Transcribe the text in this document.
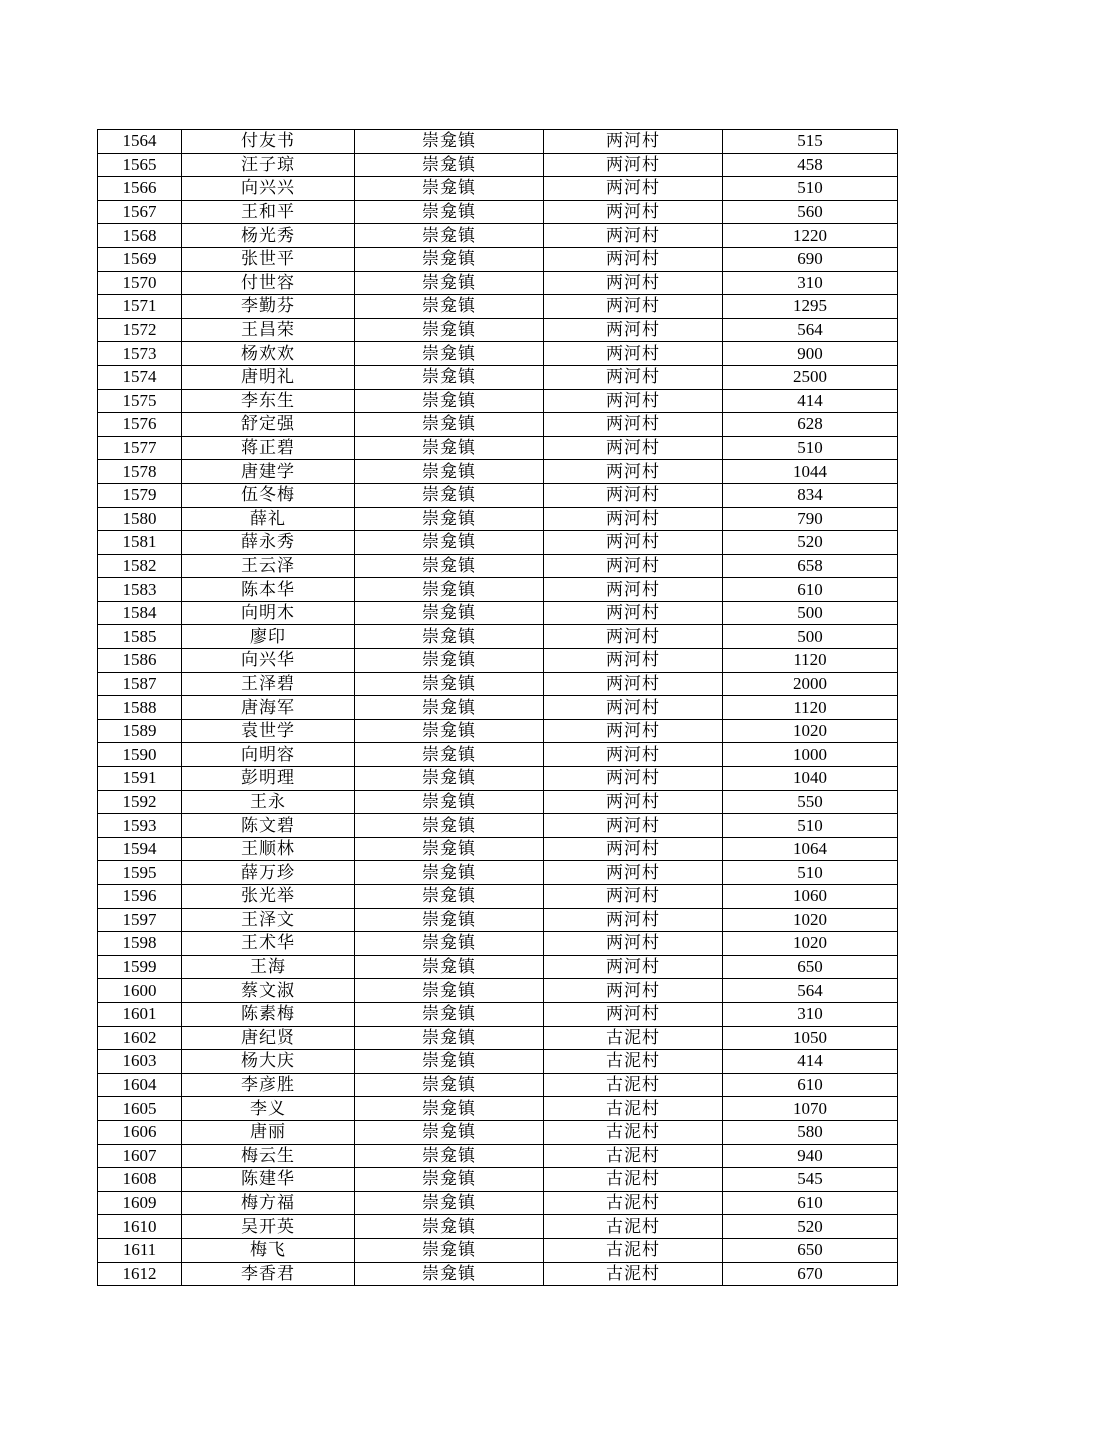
1564	付友书	崇龛镇	两河村	515
1565	汪子琼	崇龛镇	两河村	458
1566	向兴兴	崇龛镇	两河村	510
1567	王和平	崇龛镇	两河村	560
1568	杨光秀	崇龛镇	两河村	1220
1569	张世平	崇龛镇	两河村	690
1570	付世容	崇龛镇	两河村	310
1571	李勤芬	崇龛镇	两河村	1295
1572	王昌荣	崇龛镇	两河村	564
1573	杨欢欢	崇龛镇	两河村	900
1574	唐明礼	崇龛镇	两河村	2500
1575	李东生	崇龛镇	两河村	414
1576	舒定强	崇龛镇	两河村	628
1577	蒋正碧	崇龛镇	两河村	510
1578	唐建学	崇龛镇	两河村	1044
1579	伍冬梅	崇龛镇	两河村	834
1580	薛礼	崇龛镇	两河村	790
1581	薛永秀	崇龛镇	两河村	520
1582	王云泽	崇龛镇	两河村	658
1583	陈本华	崇龛镇	两河村	610
1584	向明木	崇龛镇	两河村	500
1585	廖印	崇龛镇	两河村	500
1586	向兴华	崇龛镇	两河村	1120
1587	王泽碧	崇龛镇	两河村	2000
1588	唐海军	崇龛镇	两河村	1120
1589	袁世学	崇龛镇	两河村	1020
1590	向明容	崇龛镇	两河村	1000
1591	彭明理	崇龛镇	两河村	1040
1592	王永	崇龛镇	两河村	550
1593	陈文碧	崇龛镇	两河村	510
1594	王顺林	崇龛镇	两河村	1064
1595	薛万珍	崇龛镇	两河村	510
1596	张光举	崇龛镇	两河村	1060
1597	王泽文	崇龛镇	两河村	1020
1598	王术华	崇龛镇	两河村	1020
1599	王海	崇龛镇	两河村	650
1600	蔡文淑	崇龛镇	两河村	564
1601	陈素梅	崇龛镇	两河村	310
1602	唐纪贤	崇龛镇	古泥村	1050
1603	杨大庆	崇龛镇	古泥村	414
1604	李彦胜	崇龛镇	古泥村	610
1605	李义	崇龛镇	古泥村	1070
1606	唐丽	崇龛镇	古泥村	580
1607	梅云生	崇龛镇	古泥村	940
1608	陈建华	崇龛镇	古泥村	545
1609	梅方福	崇龛镇	古泥村	610
1610	吴开英	崇龛镇	古泥村	520
1611	梅飞	崇龛镇	古泥村	650
1612	李香君	崇龛镇	古泥村	670
